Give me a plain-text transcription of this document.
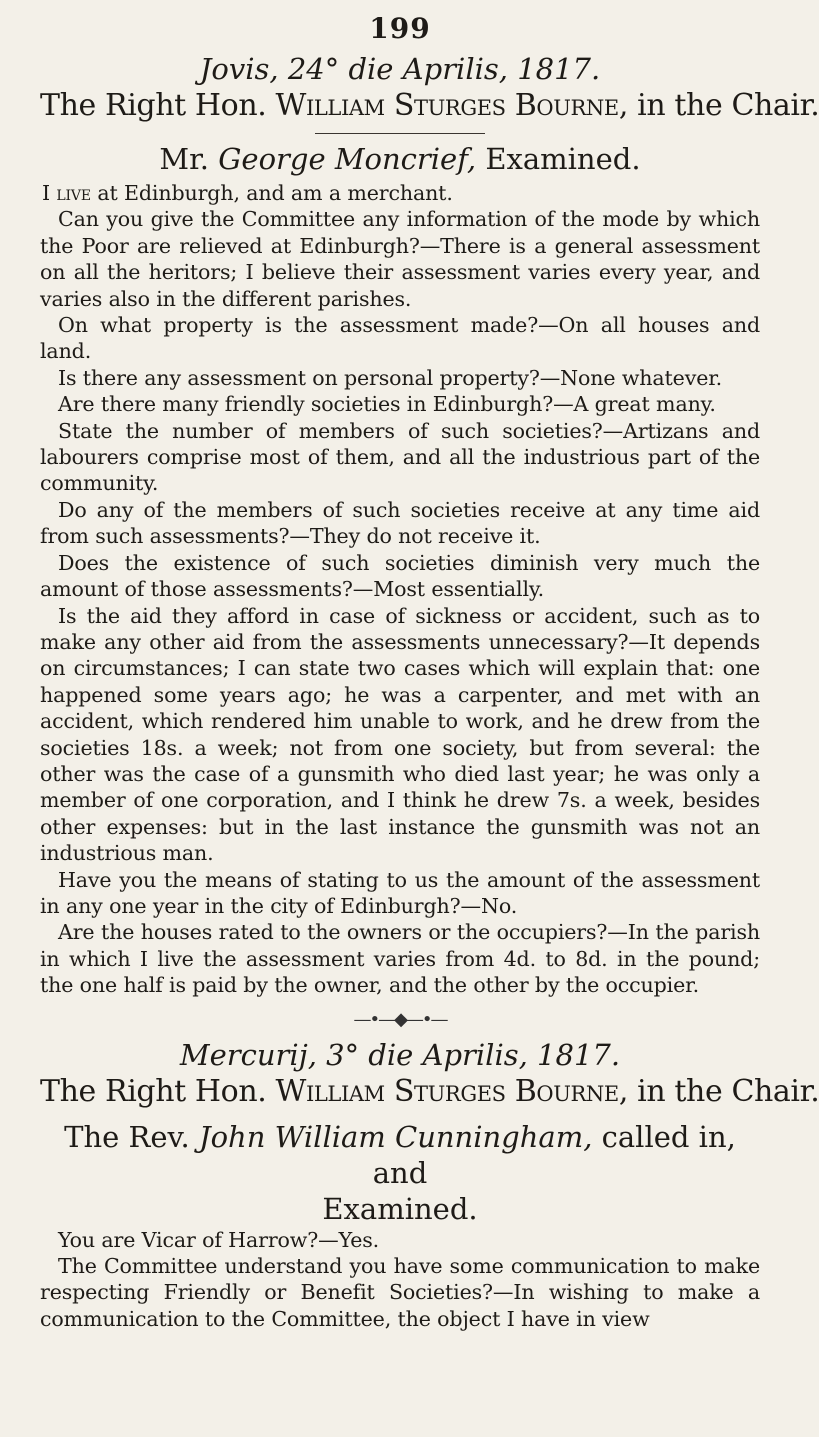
199
Jovis, 24° die Aprilis, 1817.
The Right Hon. William Sturges Bourne, in the Chair.
Mr. George Moncrief, Examined.

I live at Edinburgh, and am a merchant.

Can you give the Committee any information of the mode by which the Poor are relieved at Edinburgh?—There is a general assessment on all the heritors; I believe their assessment varies every year, and varies also in the different parishes.

On what property is the assessment made?—On all houses and land.

Is there any assessment on personal property?—None whatever.

Are there many friendly societies in Edinburgh?—A great many.

State the number of members of such societies?—Artizans and labourers comprise most of them, and all the industrious part of the community.

Do any of the members of such societies receive at any time aid from such assessments?—They do not receive it.

Does the existence of such societies diminish very much the amount of those assessments?—Most essentially.

Is the aid they afford in case of sickness or accident, such as to make any other aid from the assessments unnecessary?—It depends on circumstances; I can state two cases which will explain that: one happened some years ago; he was a carpenter, and met with an accident, which rendered him unable to work, and he drew from the societies 18s. a week; not from one society, but from several: the other was the case of a gunsmith who died last year; he was only a member of one corporation, and I think he drew 7s. a week, besides other expenses: but in the last instance the gunsmith was not an industrious man.

Have you the means of stating to us the amount of the assessment in any one year in the city of Edinburgh?—No.

Are the houses rated to the owners or the occupiers?—In the parish in which I live the assessment varies from 4d. to 8d. in the pound; the one half is paid by the owner, and the other by the occupier.

—•—◆—•—
Mercurij, 3° die Aprilis, 1817.
The Right Hon. William Sturges Bourne, in the Chair.
The Rev. John William Cunningham, called in, and
Examined.

You are Vicar of Harrow?—Yes.

The Committee understand you have some communication to make respecting Friendly or Benefit Societies?—In wishing to make a communication to the Committee, the object I have in view
